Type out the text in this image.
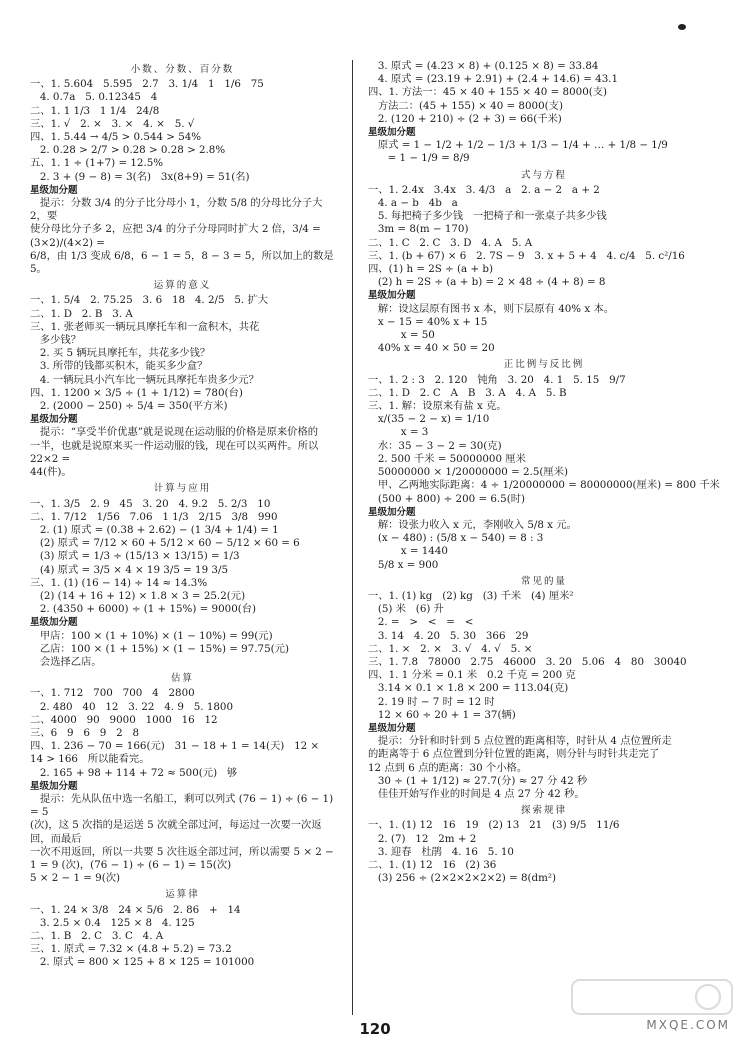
小数、分数、百分数
一、1. 5.604   5.595   2.7   3. 1/4   1   1/6   75
4. 0.7a   5. 0.12345   4
二、1. 1 1/3   1 1/4   24/8
三、1. √   2. ×   3. ×   4. ×   5. √
四、1. 5.44 → 4/5 > 0.544 > 54%
2. 0.28 > 2/7 > 0.28 > 0.28 > 2.8%
五、1. 1 ÷ (1+7) = 12.5%
2. 3 + (9 − 8) = 3(名)   3x(8+9) = 51(名)
星级加分题
提示：分数 3/4 的分子比分母小 1，分数 5/8 的分母比分子大 2，要
使分母比分子多 2，应把 3/4 的分子分母同时扩大 2 倍，3/4 = (3×2)/(4×2) =
6/8，由 1/3 变成 6/8，6 − 1 = 5，8 − 3 = 5，所以加上的数是 5。
运算的意义
一、1. 5/4   2. 75.25   3. 6   18   4. 2/5   5. 扩大
二、1. D   2. B   3. A
三、1. 张老师买一辆玩具摩托车和一盒积木，共花
多少钱？
2. 买 5 辆玩具摩托车，共花多少钱？
3. 所带的钱都买积木，能买多少盒？
4. 一辆玩具小汽车比一辆玩具摩托车贵多少元？
四、1. 1200 × 3/5 ÷ (1 + 1/12) = 780(台)
2. (2000 − 250) ÷ 5/4 = 350(平方米)
星级加分题
提示：“享受半价优惠”就是说现在运动服的价格是原来价格的
一半，也就是说原来买一件运动服的钱，现在可以买两件。所以 22×2 =
44(件)。
计算与应用
一、1. 3/5   2. 9   45   3. 20   4. 9.2   5. 2/3   10
二、1. 7/12   1/56   7.06   1 1/3   2/15   3/8   990
2. (1) 原式 = (0.38 + 2.62) − (1 3/4 + 1/4) = 1
(2) 原式 = 7/12 × 60 + 5/12 × 60 − 5/12 × 60 = 6
(3) 原式 = 1/3 ÷ (15/13 × 13/15) = 1/3
(4) 原式 = 3/5 × 4 × 19 3/5 = 19 3/5
三、1. (1) (16 − 14) ÷ 14 ≈ 14.3%
(2) (14 + 16 + 12) × 1.8 × 3 = 25.2(元)
2. (4350 + 6000) ÷ (1 + 15%) = 9000(台)
星级加分题
甲店：100 × (1 + 10%) × (1 − 10%) = 99(元)
乙店：100 × (1 + 15%) × (1 − 15%) = 97.75(元)
会选择乙店。
估算
一、1. 712   700   700   4   2800
2. 480   40   12   3. 22   4. 9   5. 1800
二、4000   90   9000   1000   16   12
三、6   9   6   9   2   8
四、1. 236 − 70 = 166(元)   31 − 18 + 1 = 14(天)   12 × 14 > 166   所以能看完。
2. 165 + 98 + 114 + 72 ≈ 500(元)   够
星级加分题
提示：先从队伍中选一名船工，剩可以列式 (76 − 1) ÷ (6 − 1) = 5
(次)，这 5 次指的是运送 5 次就全部过河，每运过一次要一次返回，而最后
一次不用返回，所以一共要 5 次往返全部过河，所以需要 5 × 2 − 1 = 9 (次)，(76 − 1) ÷ (6 − 1) = 15(次)
5 × 2 − 1 = 9(次)
运算律
一、1. 24 × 3/8   24 × 5/6   2. 86   +   14
3. 2.5 × 0.4   125 × 8   4. 125
二、1. B   2. C   3. C   4. A
三、1. 原式 = 7.32 × (4.8 + 5.2) = 73.2
2. 原式 = 800 × 125 + 8 × 125 = 101000
3. 原式 = (4.23 × 8) + (0.125 × 8) = 33.84
4. 原式 = (23.19 + 2.91) + (2.4 + 14.6) = 43.1
四、1. 方法一：45 × 40 + 155 × 40 = 8000(支)
方法二：(45 + 155) × 40 = 8000(支)
2. (120 + 210) ÷ (2 + 3) = 66(千米)
星级加分题
原式 = 1 − 1/2 + 1/2 − 1/3 + 1/3 − 1/4 + … + 1/8 − 1/9
= 1 − 1/9 = 8/9
式与方程
一、1. 2.4x   3.4x   3. 4/3   a   2. a − 2   a + 2
4. a − b   4b   a
5. 每把椅子多少钱   一把椅子和一张桌子共多少钱
3m = 8(m − 170)
二、1. C   2. C   3. D   4. A   5. A
三、1. (b + 67) × 6   2. 7S − 9   3. x + 5 + 4   4. c/4   5. c²/16
四、(1) h = 2S ÷ (a + b)
(2) h = 2S ÷ (a + b) = 2 × 48 ÷ (4 + 8) = 8
星级加分题
解：设这层原有图书 x 本，则下层原有 40% x 本。
x − 15 = 40% x + 15
x = 50
40% x = 40 × 50 = 20
正比例与反比例
一、1. 2 : 3   2. 120   钝角   3. 20   4. 1   5. 15   9/7
二、1. D   2. C   A   B   3. A   4. A   5. B
三、1. 解：设原来有盐 x 克。
x/(35 − 2 − x) = 1/10
x = 3
水：35 − 3 − 2 = 30(克)
2. 500 千米 = 50000000 厘米
50000000 × 1/20000000 = 2.5(厘米)
甲、乙两地实际距离：4 ÷ 1/20000000 = 80000000(厘米) = 800 千米
(500 + 800) ÷ 200 = 6.5(时)
星级加分题
解：设张力收入 x 元，李刚收入 5/8 x 元。
(x − 480) : (5/8 x − 540) = 8 : 3
x = 1440
5/8 x = 900
常见的量
一、1. (1) kg   (2) kg   (3) 千米   (4) 厘米²
(5) 米   (6) 升
2. =   >   <   =   <
3. 14   4. 20   5. 30   366   29
二、1. ×   2. ×   3. √   4. √   5. ×
三、1. 7.8   78000   2.75   46000   3. 20   5.06   4   80   30040
四、1. 1 分米 = 0.1 米   0.2 千克 = 200 克
3.14 × 0.1 × 1.8 × 200 = 113.04(克)
2. 19 时 − 7 时 = 12 时
12 × 60 ÷ 20 + 1 = 37(辆)
星级加分题
提示：分针和时针到 5 点位置的距离相等，时针从 4 点位置所走
的距离等于 6 点位置到分针位置的距离，则分针与时针共走完了
12 点到 6 点的距离：30 个小格。
30 ÷ (1 + 1/12) ≈ 27.7(分) ≈ 27 分 42 秒
佳佳开始写作业的时间是 4 点 27 分 42 秒。
探索规律
一、1. (1) 12   16   19   (2) 13   21   (3) 9/5   11/6
2. (7)   12   2m + 2
3. 迎春   杜鹃   4. 16   5. 10
二、1. (1) 12   16   (2) 36
(3) 256 ÷ (2×2×2×2×2) = 8(dm²)
120	MXQE.COM
